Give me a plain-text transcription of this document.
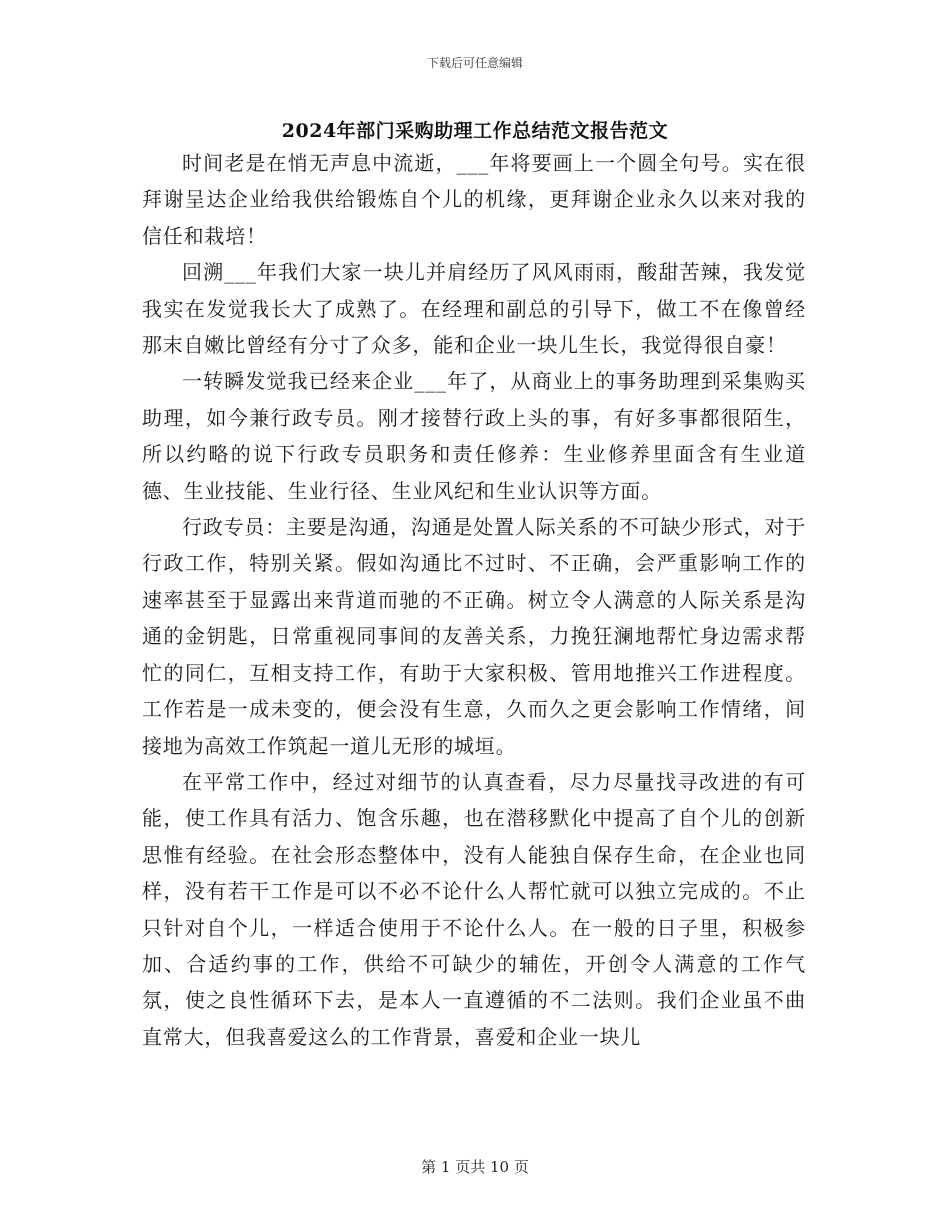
下载后可任意编辑
2024年部门采购助理工作总结范文报告范文

时间老是在悄无声息中流逝，___年将要画上一个圆全句号。实在很拜谢呈达企业给我供给锻炼自个儿的机缘，更拜谢企业永久以来对我的信任和栽培！

回溯___年我们大家一块儿并肩经历了风风雨雨，酸甜苦辣，我发觉我实在发觉我长大了成熟了。在经理和副总的引导下，做工不在像曾经那末自嫩比曾经有分寸了众多，能和企业一块儿生长，我觉得很自豪！

一转瞬发觉我已经来企业___年了，从商业上的事务助理到采集购买助理，如今兼行政专员。刚才接替行政上头的事，有好多事都很陌生，所以约略的说下行政专员职务和责任修养：生业修养里面含有生业道德、生业技能、生业行径、生业风纪和生业认识等方面。

行政专员：主要是沟通，沟通是处置人际关系的不可缺少形式，对于行政工作，特别关紧。假如沟通比不过时、不正确，会严重影响工作的速率甚至于显露出来背道而驰的不正确。树立令人满意的人际关系是沟通的金钥匙，日常重视同事间的友善关系，力挽狂澜地帮忙身边需求帮忙的同仁，互相支持工作，有助于大家积极、管用地推兴工作进程度。工作若是一成未变的，便会没有生意，久而久之更会影响工作情绪，间接地为高效工作筑起一道儿无形的城垣。

在平常工作中，经过对细节的认真查看，尽力尽量找寻改进的有可能，使工作具有活力、饱含乐趣，也在潜移默化中提高了自个儿的创新思惟有经验。在社会形态整体中，没有人能独自保存生命，在企业也同样，没有若干工作是可以不必不论什么人帮忙就可以独立完成的。不止只针对自个儿，一样适合使用于不论什么人。在一般的日子里，积极参加、合适约事的工作，供给不可缺少的辅佐，开创令人满意的工作气氛，使之良性循环下去，是本人一直遵循的不二法则。我们企业虽不曲直常大，但我喜爱这么的工作背景，喜爱和企业一块儿

第 1 页共 10 页
